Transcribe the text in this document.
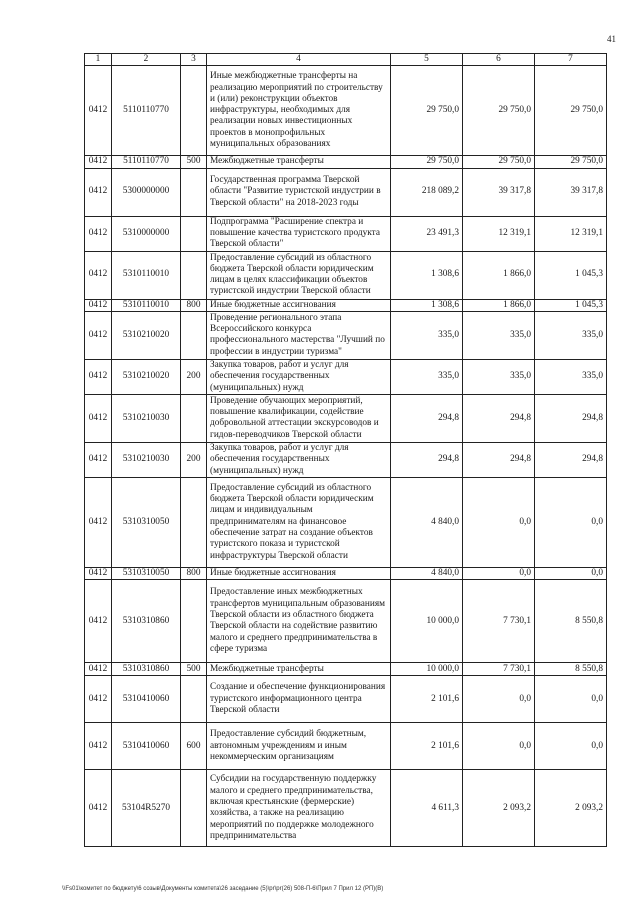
41
1	2	3	4	5	6	7
0412	5110110770		Иные межбюджетные трансферты на реализацию мероприятий по строительству и (или) реконструкции объектов инфраструктуры, необходимых для реализации новых инвестиционных проектов в монопрофильных муниципальных образованиях	29 750,0	29 750,0	29 750,0
0412	5110110770	500	Межбюджетные трансферты	29 750,0	29 750,0	29 750,0
0412	5300000000		Государственная программа Тверской области "Развитие туристской индустрии в Тверской области" на 2018-2023 годы	218 089,2	39 317,8	39 317,8
0412	5310000000		Подпрограмма "Расширение спектра и повышение качества туристского продукта Тверской области"	23 491,3	12 319,1	12 319,1
0412	5310110010		Предоставление субсидий из областного бюджета Тверской области юридическим лицам в целях классификации объектов туристской индустрии Тверской области	1 308,6	1 866,0	1 045,3
0412	5310110010	800	Иные бюджетные ассигнования	1 308,6	1 866,0	1 045,3
0412	5310210020		Проведение регионального этапа Всероссийского конкурса профессионального мастерства "Лучший по профессии в индустрии туризма"	335,0	335,0	335,0
0412	5310210020	200	Закупка товаров, работ и услуг для обеспечения государственных (муниципальных) нужд	335,0	335,0	335,0
0412	5310210030		Проведение обучающих мероприятий, повышение квалификации, содействие добровольной аттестации экскурсоводов и гидов-переводчиков Тверской области	294,8	294,8	294,8
0412	5310210030	200	Закупка товаров, работ и услуг для обеспечения государственных (муниципальных) нужд	294,8	294,8	294,8
0412	5310310050		Предоставление субсидий из областного бюджета Тверской области юридическим лицам и индивидуальным предпринимателям на финансовое обеспечение затрат на создание объектов туристского показа и туристской инфраструктуры Тверской области	4 840,0	0,0	0,0
0412	5310310050	800	Иные бюджетные ассигнования	4 840,0	0,0	0,0
0412	5310310860		Предоставление иных межбюджетных трансфертов муниципальным образованиям Тверской области из областного бюджета Тверской области на содействие развитию малого и среднего предпринимательства в сфере туризма	10 000,0	7 730,1	8 550,8
0412	5310310860	500	Межбюджетные трансферты	10 000,0	7 730,1	8 550,8
0412	5310410060		Создание и обеспечение функционирования туристского информационного центра Тверской области	2 101,6	0,0	0,0
0412	5310410060	600	Предоставление субсидий бюджетным, автономным учреждениям и иным некоммерческим организациям	2 101,6	0,0	0,0
0412	53104R5270		Субсидии на государственную поддержку малого и среднего предпринимательства, включая крестьянские (фермерские) хозяйства, а также на реализацию мероприятий по поддержке молодежного предпринимательства	4 611,3	2 093,2	2 093,2
\\Fs01\комитет по бюджету\6 созыв\Документы комитета\26 заседание (5)\pr\pr(26) 508-П-6\Прил 7 Прил 12 (РП)(В)
